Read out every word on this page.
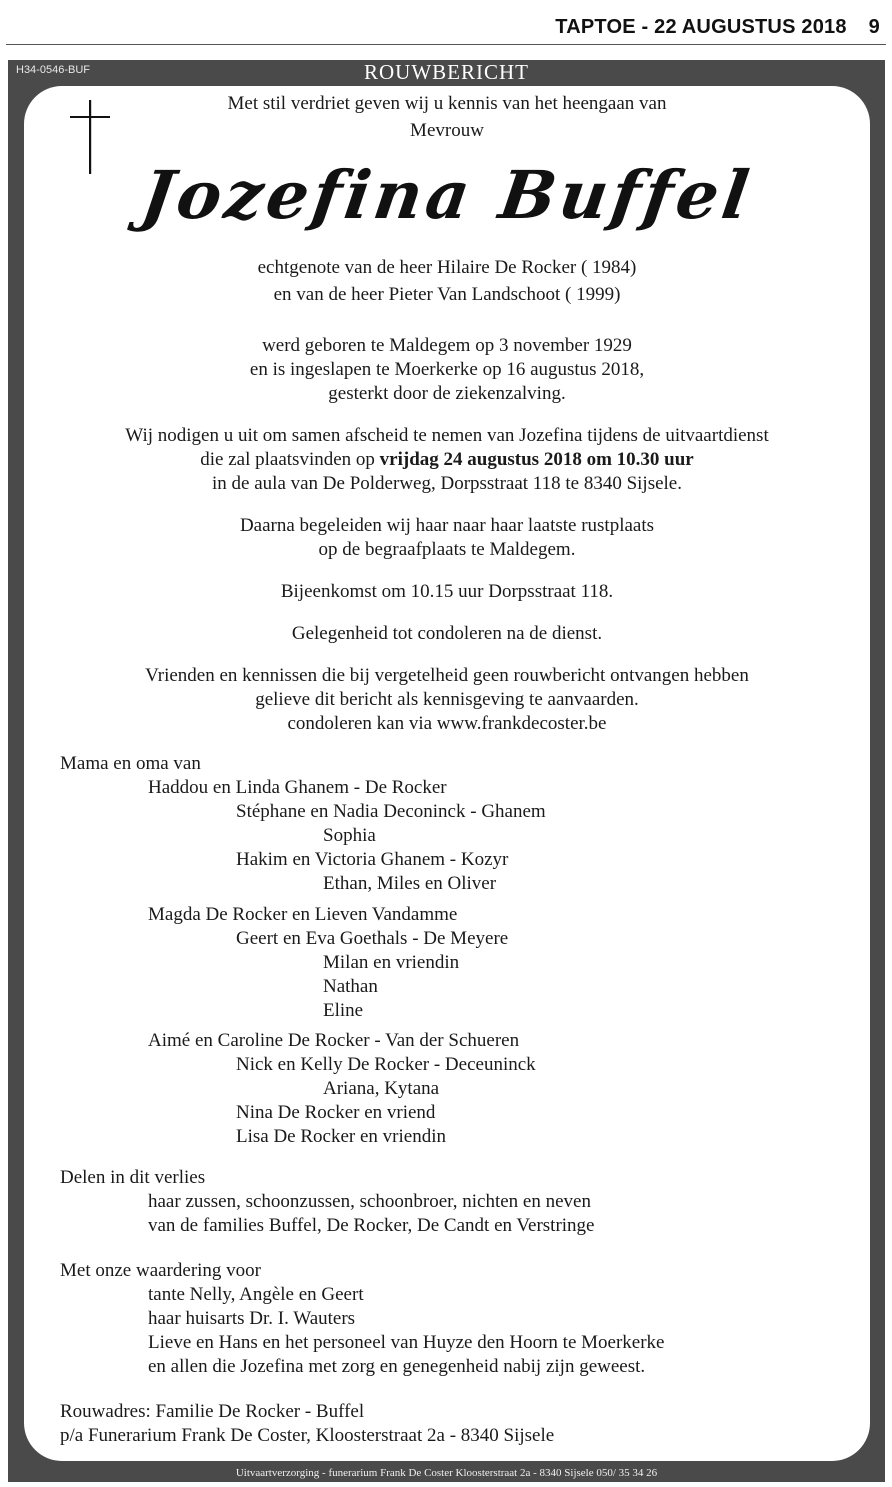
TAPTOE - 22 AUGUSTUS 2018 9
H34-0546-BUF	ROUWBERICHT
Met stil verdriet geven wij u kennis van het heengaan van
Mevrouw
Jozefina Buffel
echtgenote van de heer Hilaire De Rocker ( 1984)
en van de heer Pieter Van Landschoot ( 1999)
werd geboren te Maldegem op 3 november 1929
en is ingeslapen te Moerkerke op 16 augustus 2018,
gesterkt door de ziekenzalving.
Wij nodigen u uit om samen afscheid te nemen van Jozefina tijdens de uitvaartdienst
die zal plaatsvinden op vrijdag 24 augustus 2018 om 10.30 uur
in de aula van De Polderweg, Dorpsstraat 118 te 8340 Sijsele.
Daarna begeleiden wij haar naar haar laatste rustplaats
op de begraafplaats te Maldegem.
Bijeenkomst om 10.15 uur Dorpsstraat 118.
Gelegenheid tot condoleren na de dienst.
Vrienden en kennissen die bij vergetelheid geen rouwbericht ontvangen hebben
gelieve dit bericht als kennisgeving te aanvaarden.
condoleren kan via www.frankdecoster.be
Mama en oma van
Haddou en Linda Ghanem - De Rocker
Stéphane en Nadia Deconinck - Ghanem
Sophia
Hakim en Victoria Ghanem - Kozyr
Ethan, Miles en Oliver
Magda De Rocker en Lieven Vandamme
Geert en Eva Goethals - De Meyere
Milan en vriendin
Nathan
Eline
Aimé en Caroline De Rocker - Van der Schueren
Nick en Kelly De Rocker - Deceuninck
Ariana, Kytana
Nina De Rocker en vriend
Lisa De Rocker en vriendin
Delen in dit verlies
haar zussen, schoonzussen, schoonbroer, nichten en neven
van de families Buffel, De Rocker, De Candt en Verstringe
Met onze waardering voor
tante Nelly, Angèle en Geert
haar huisarts Dr. I. Wauters
Lieve en Hans en het personeel van Huyze den Hoorn te Moerkerke
en allen die Jozefina met zorg en genegenheid nabij zijn geweest.
Rouwadres: Familie De Rocker - Buffel
p/a Funerarium Frank De Coster, Kloosterstraat 2a - 8340 Sijsele
Uitvaartverzorging - funerarium Frank De Coster Kloosterstraat 2a - 8340 Sijsele 050/ 35 34 26
